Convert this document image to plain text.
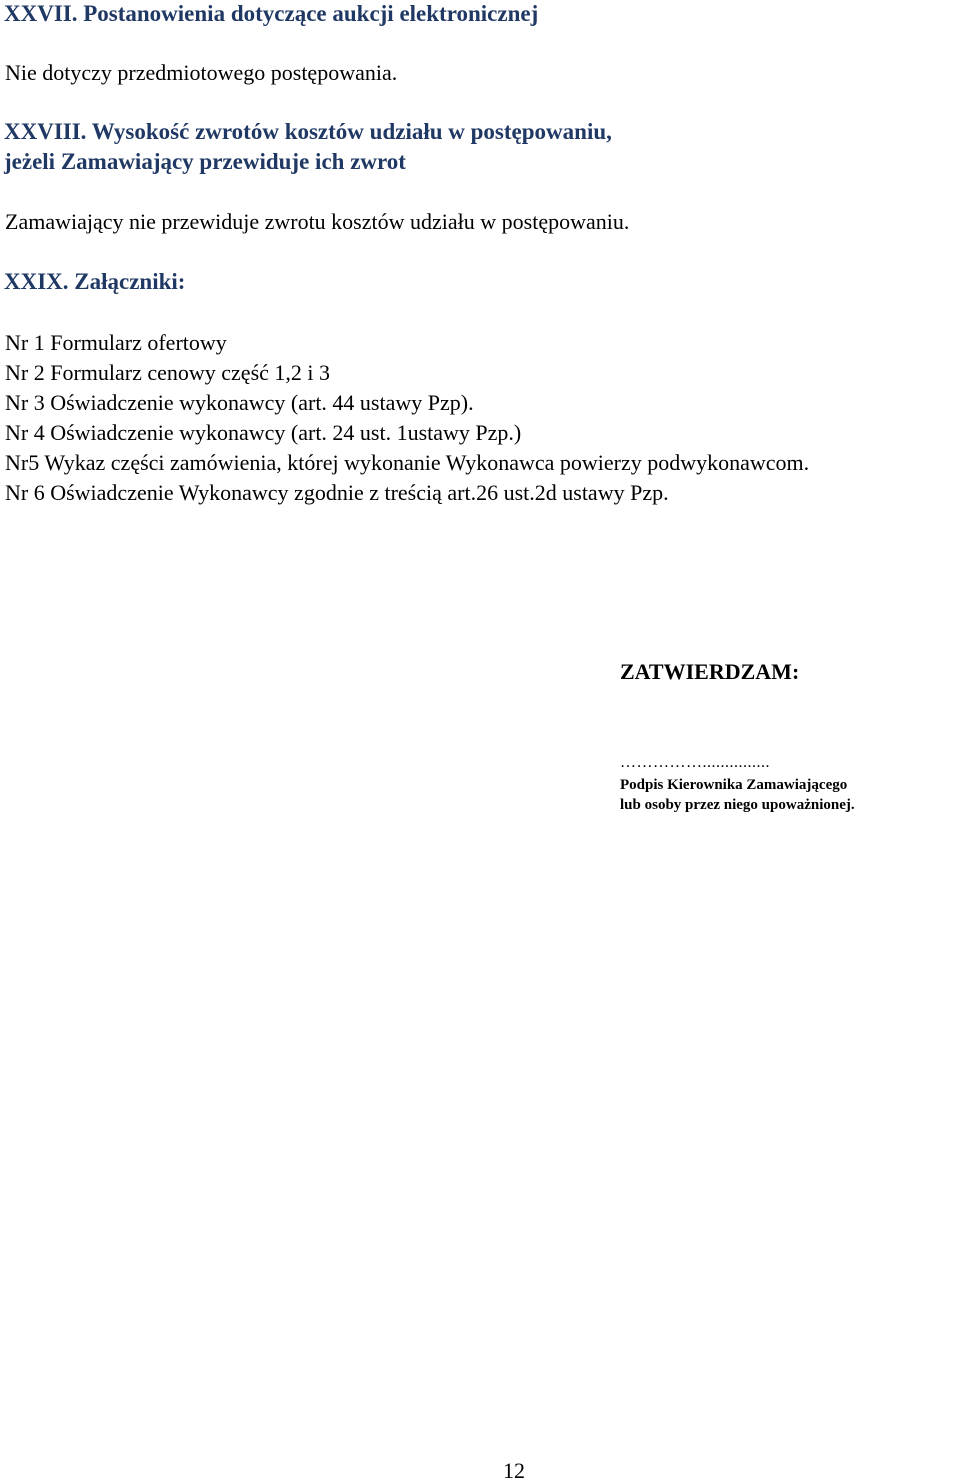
XXVII. Postanowienia dotyczące aukcji elektronicznej
Nie dotyczy przedmiotowego postępowania.
XXVIII. Wysokość zwrotów kosztów udziału w postępowaniu,
jeżeli Zamawiający przewiduje ich zwrot
Zamawiający nie przewiduje zwrotu kosztów udziału w postępowaniu.
XXIX. Załączniki:
Nr 1 Formularz ofertowy
Nr 2 Formularz cenowy część 1,2 i 3
Nr 3 Oświadczenie wykonawcy (art. 44 ustawy Pzp).
Nr 4 Oświadczenie wykonawcy (art. 24 ust. 1ustawy Pzp.)
Nr5 Wykaz części zamówienia, której wykonanie Wykonawca powierzy podwykonawcom.
Nr 6 Oświadczenie Wykonawcy zgodnie z treścią art.26 ust.2d ustawy Pzp.
ZATWIERDZAM:
……………...............
Podpis Kierownika Zamawiającego
lub osoby przez niego upoważnionej.
12
